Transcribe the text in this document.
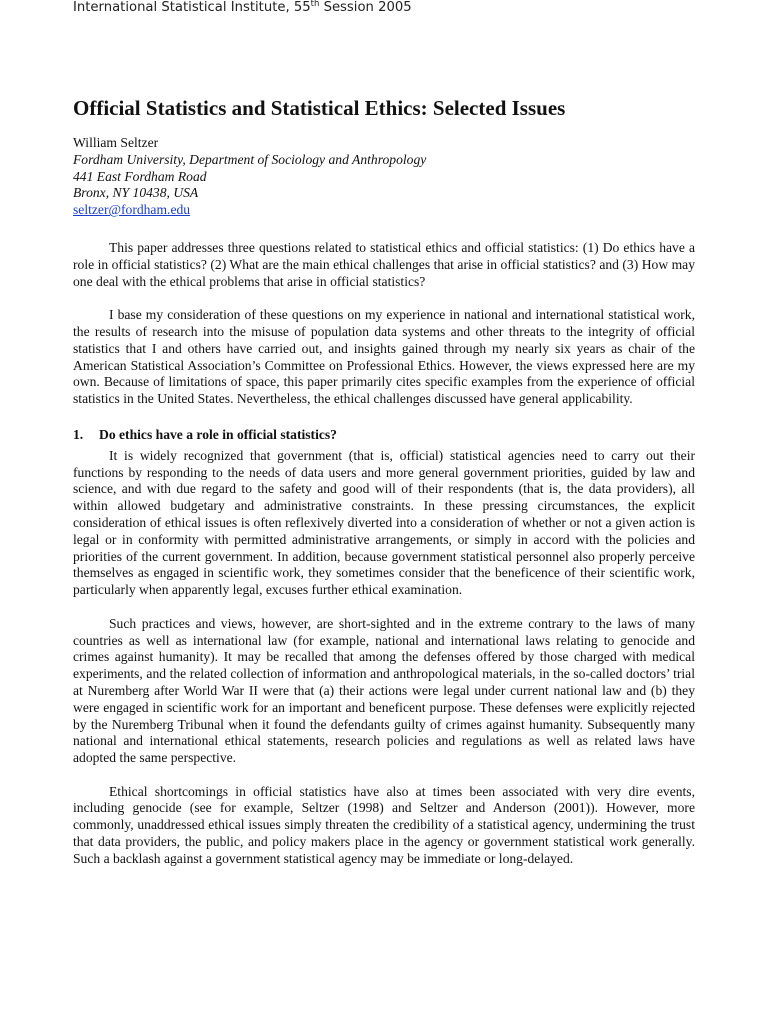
International Statistical Institute, 55th Session 2005
Official Statistics and Statistical Ethics: Selected Issues
William Seltzer
Fordham University, Department of Sociology and Anthropology
441 East Fordham Road
Bronx, NY 10438, USA
seltzer@fordham.edu

This paper addresses three questions related to statistical ethics and official statistics: (1) Do ethics have a role in official statistics? (2) What are the main ethical challenges that arise in official statistics? and (3) How may one deal with the ethical problems that arise in official statistics?

I base my consideration of these questions on my experience in national and international statistical work, the results of research into the misuse of population data systems and other threats to the integrity of official statistics that I and others have carried out, and insights gained through my nearly six years as chair of the American Statistical Association’s Committee on Professional Ethics. However, the views expressed here are my own. Because of limitations of space, this paper primarily cites specific examples from the experience of official statistics in the United States. Nevertheless, the ethical challenges discussed have general applicability.

1. Do ethics have a role in official statistics?

It is widely recognized that government (that is, official) statistical agencies need to carry out their functions by responding to the needs of data users and more general government priorities, guided by law and science, and with due regard to the safety and good will of their respondents (that is, the data providers), all within allowed budgetary and administrative constraints. In these pressing circumstances, the explicit consideration of ethical issues is often reflexively diverted into a consideration of whether or not a given action is legal or in conformity with permitted administrative arrangements, or simply in accord with the policies and priorities of the current government. In addition, because government statistical personnel also properly perceive themselves as engaged in scientific work, they sometimes consider that the beneficence of their scientific work, particularly when apparently legal, excuses further ethical examination.

Such practices and views, however, are short-sighted and in the extreme contrary to the laws of many countries as well as international law (for example, national and international laws relating to genocide and crimes against humanity). It may be recalled that among the defenses offered by those charged with medical experiments, and the related collection of information and anthropological materials, in the so-called doctors’ trial at Nuremberg after World War II were that (a) their actions were legal under current national law and (b) they were engaged in scientific work for an important and beneficent purpose. These defenses were explicitly rejected by the Nuremberg Tribunal when it found the defendants guilty of crimes against humanity. Subsequently many national and international ethical statements, research policies and regulations as well as related laws have adopted the same perspective.

Ethical shortcomings in official statistics have also at times been associated with very dire events, including genocide (see for example, Seltzer (1998) and Seltzer and Anderson (2001)). However, more commonly, unaddressed ethical issues simply threaten the credibility of a statistical agency, undermining the trust that data providers, the public, and policy makers place in the agency or government statistical work generally. Such a backlash against a government statistical agency may be immediate or long-delayed.
